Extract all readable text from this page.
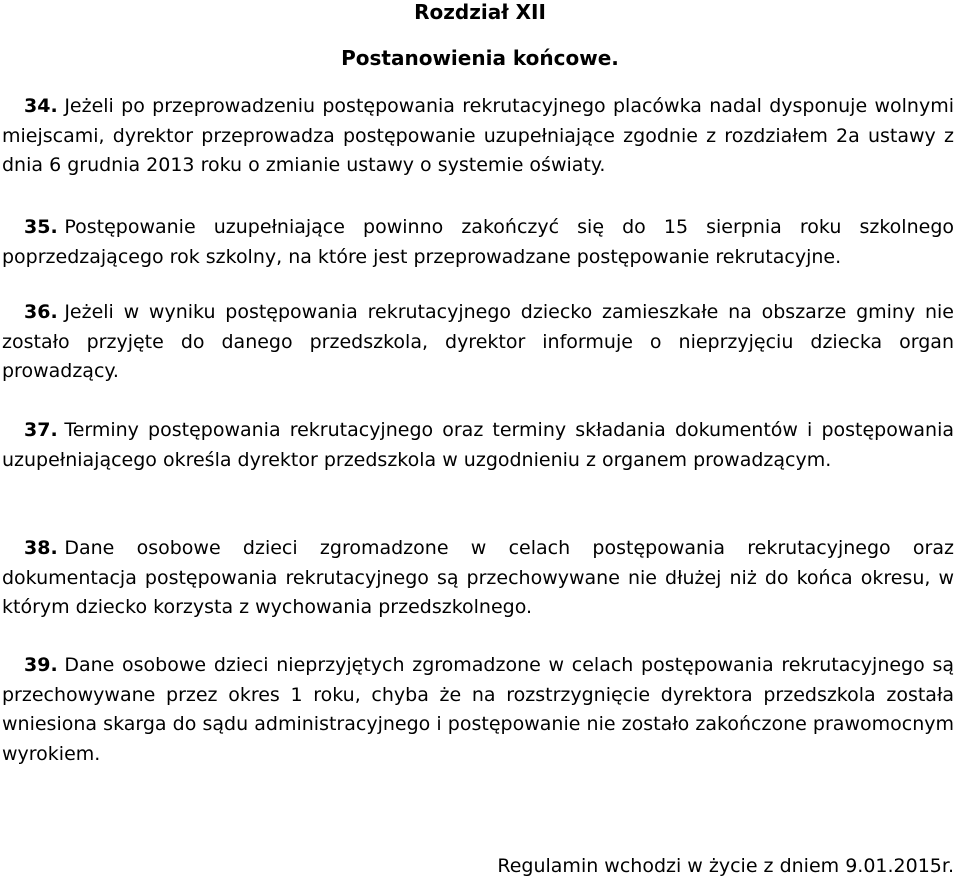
Rozdział XII
Postanowienia końcowe.

34. Jeżeli po przeprowadzeniu postępowania rekrutacyjnego placówka nadal dysponuje wolnymi miejscami, dyrektor przeprowadza postępowanie uzupełniające zgodnie z rozdziałem 2a ustawy z dnia 6 grudnia 2013 roku o zmianie ustawy o systemie oświaty.

35. Postępowanie uzupełniające powinno zakończyć się do 15 sierpnia roku szkolnego poprzedzającego rok szkolny, na które jest przeprowadzane postępowanie rekrutacyjne.

36. Jeżeli w wyniku postępowania rekrutacyjnego dziecko zamieszkałe na obszarze gminy nie zostało przyjęte do danego przedszkola, dyrektor informuje o nieprzyjęciu dziecka organ prowadzący.

37. Terminy postępowania rekrutacyjnego oraz terminy składania dokumentów i postępowania uzupełniającego określa dyrektor przedszkola w uzgodnieniu z organem prowadzącym.

38. Dane osobowe dzieci zgromadzone w celach postępowania rekrutacyjnego oraz dokumentacja postępowania rekrutacyjnego są przechowywane nie dłużej niż do końca okresu, w którym dziecko korzysta z wychowania przedszkolnego.

39. Dane osobowe dzieci nieprzyjętych zgromadzone w celach postępowania rekrutacyjnego są przechowywane przez okres 1 roku, chyba że na rozstrzygnięcie dyrektora przedszkola została wniesiona skarga do sądu administracyjnego i postępowanie nie zostało zakończone prawomocnym wyrokiem.

Regulamin wchodzi w życie z dniem 9.01.2015r.
